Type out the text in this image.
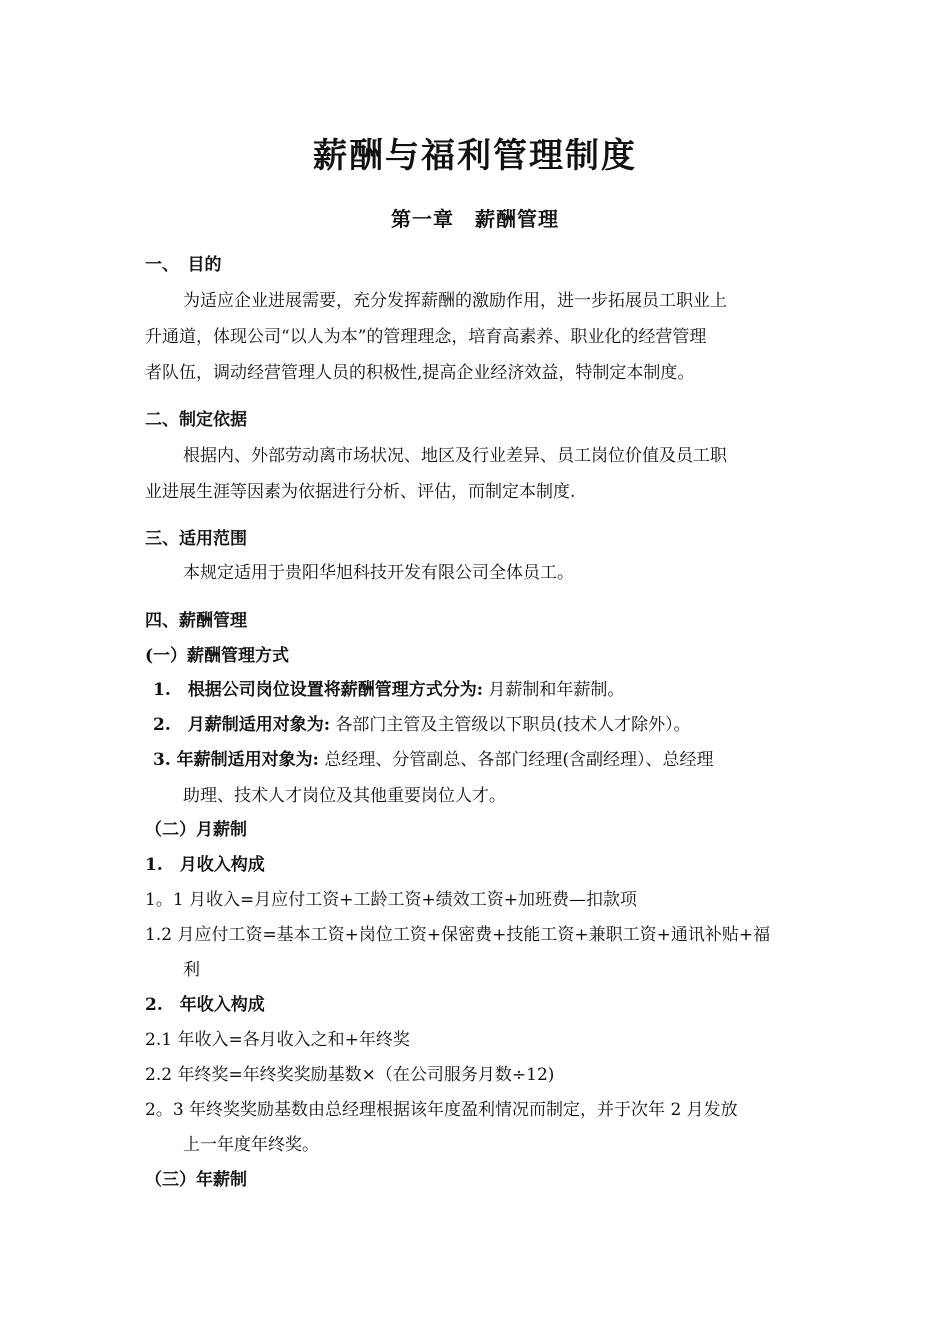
薪酬与福利管理制度
第一章　薪酬管理
一、　目的
为适应企业进展需要，充分发挥薪酬的激励作用，进一步拓展员工职业上
升通道，体现公司“以人为本”的管理理念，培育高素养、职业化的经营管理
者队伍，调动经营管理人员的积极性,提高企业经济效益，特制定本制度。
二、制定依据
根据内、外部劳动离市场状况、地区及行业差异、员工岗位价值及员工职
业进展生涯等因素为依据进行分析、评估，而制定本制度.
三、适用范围
本规定适用于贵阳华旭科技开发有限公司全体员工。
四、薪酬管理
(一）薪酬管理方式
1.　根据公司岗位设置将薪酬管理方式分为: 月薪制和年薪制。
2.　月薪制适用对象为: 各部门主管及主管级以下职员(技术人才除外）。
3. 年薪制适用对象为: 总经理、分管副总、各部门经理(含副经理）、总经理
助理、技术人才岗位及其他重要岗位人才。
（二）月薪制
1.　月收入构成
1。1 月收入=月应付工资+工龄工资+绩效工资+加班费—扣款项
1.2 月应付工资=基本工资+岗位工资+保密费+技能工资+兼职工资+通讯补贴+福
利
2.　年收入构成
2.1 年收入=各月收入之和+年终奖
2.2 年终奖=年终奖奖励基数×（在公司服务月数÷12)
2。3 年终奖奖励基数由总经理根据该年度盈利情况而制定，并于次年 2 月发放
上一年度年终奖。
（三）年薪制
